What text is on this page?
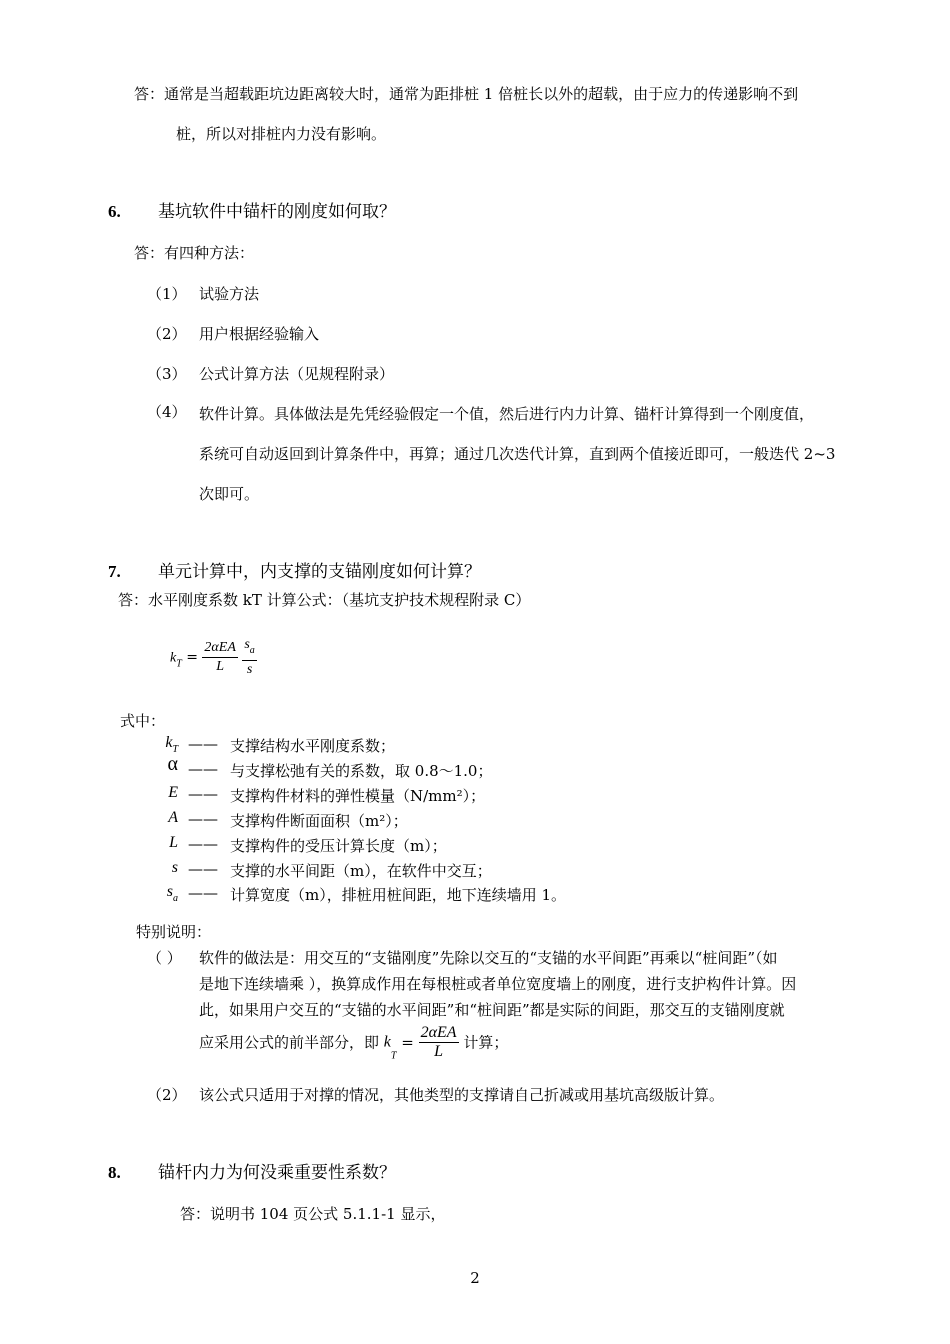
答：通常是当超载距坑边距离较大时，通常为距排桩 1 倍桩长以外的超载，由于应力的传递影响不到
桩，所以对排桩内力没有影响。
6. 基坑软件中锚杆的刚度如何取？
答：有四种方法：
（1） 试验方法
（2） 用户根据经验输入
（3） 公式计算方法（见规程附录）
（4） 软件计算。具体做法是先凭经验假定一个值，然后进行内力计算、锚杆计算得到一个刚度值，
系统可自动返回到计算条件中，再算；通过几次迭代计算，直到两个值接近即可，一般迭代 2~3
次即可。
7. 单元计算中，内支撑的支锚刚度如何计算？
答：水平刚度系数 kT 计算公式：（基坑支护技术规程附录 C）
$k_T = \frac{\text{2αEA}}{L}$
$\frac{s_a}{s}$
式中：
$k_T$ —— 支撑结构水平刚度系数；
α —— 与支撑松弛有关的系数，取 0.8～1.0；
E —— 支撑构件材料的弹性模量（N/mm²）；
A —— 支撑构件断面面积（m²）；
L —— 支撑构件的受压计算长度（m）；
s —— 支撑的水平间距（m），在软件中交互；
$s_a$ —— 计算宽度（m），排桩用桩间距，地下连续墙用 1。
特别说明：
（ ） 软件的做法是：用交互的“支锚刚度”先除以交互的“支锚的水平间距”再乘以“桩间距”（如
是地下连续墙乘 ），换算成作用在每根桩或者单位宽度墙上的刚度，进行支护构件计算。因
此，如果用户交互的“支锚的水平间距”和“桩间距”都是实际的间距，那交互的支锚刚度就
应采用公式的前半部分，即 $k_T = \frac{\text{2αEA}}{L}$ 计算；
（2） 该公式只适用于对撑的情况，其他类型的支撑请自己折减或用基坑高级版计算。
8. 锚杆内力为何没乘重要性系数？
答：说明书 104 页公式 5.1.1-1 显示，
2
